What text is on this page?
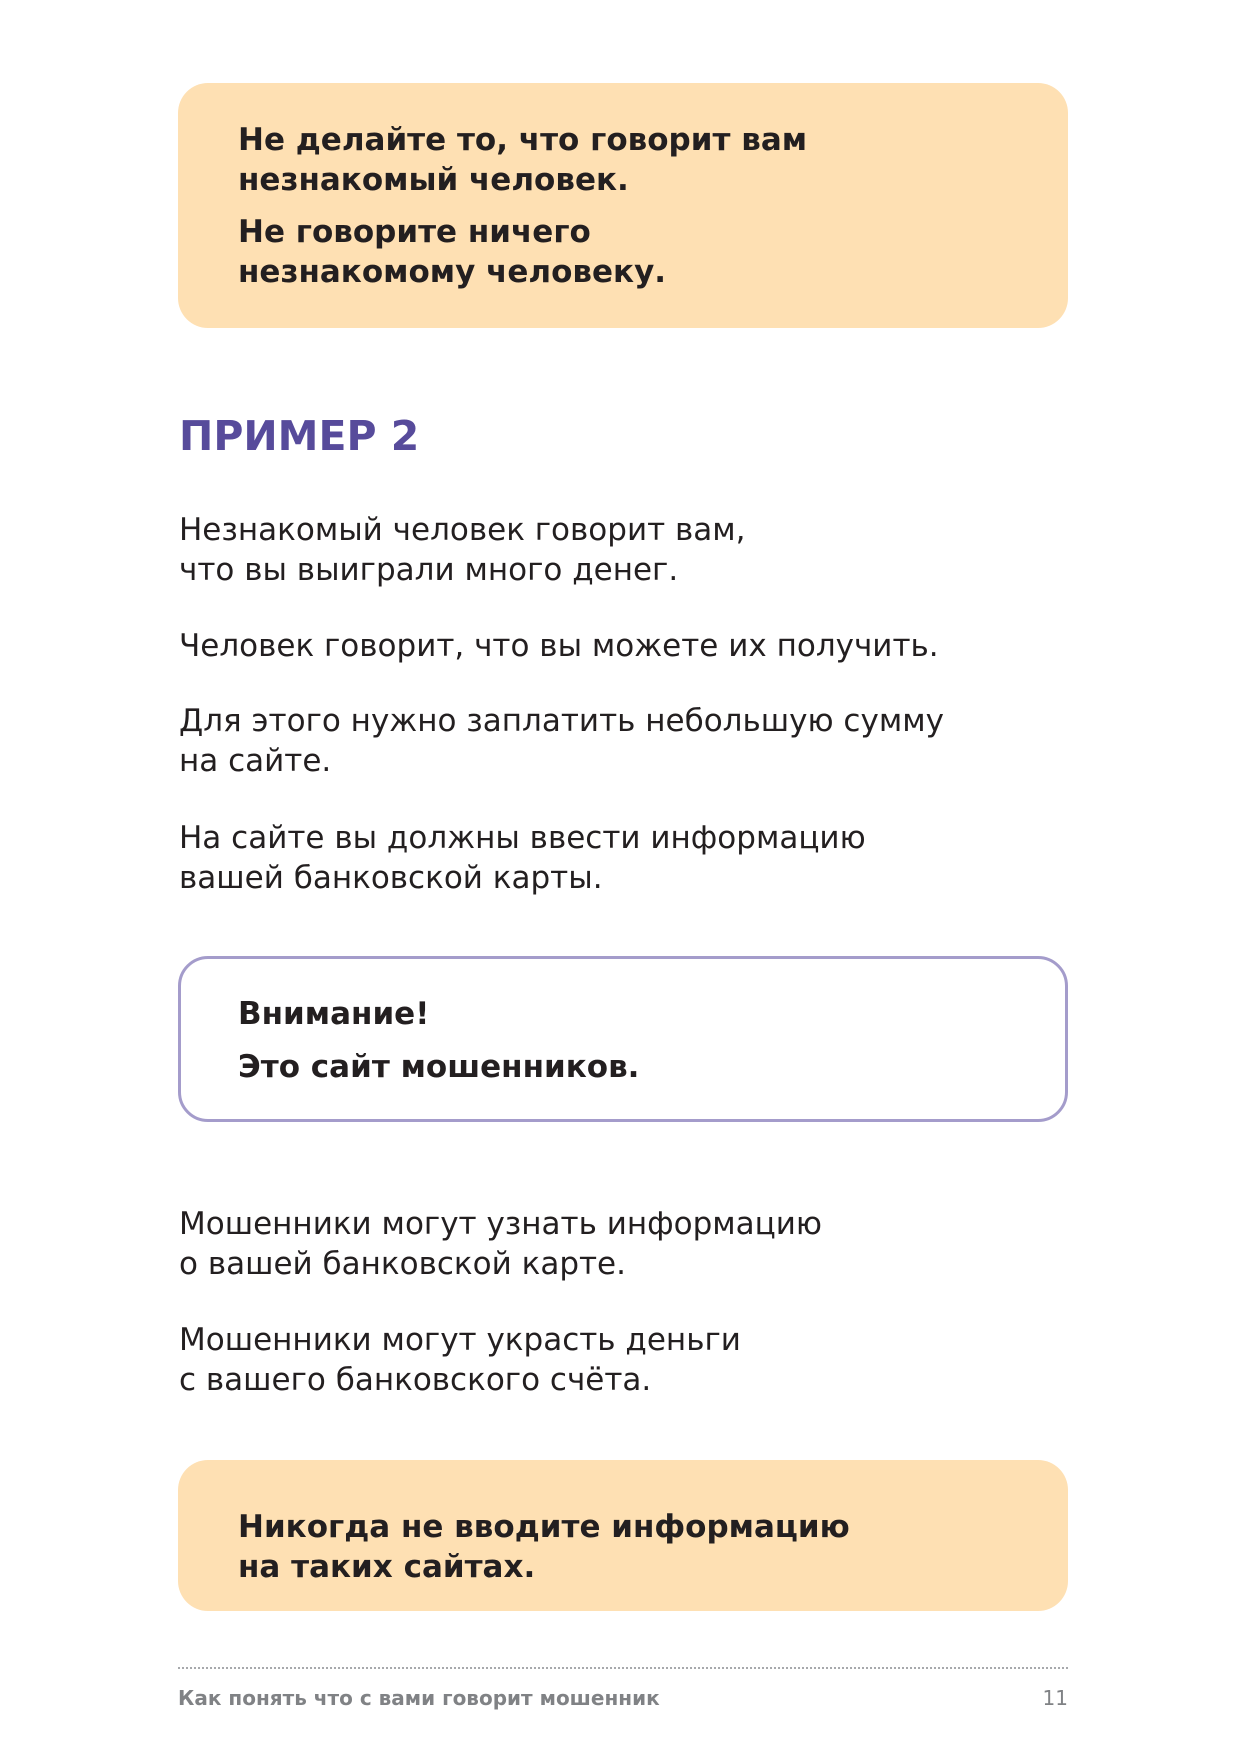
Не делайте то, что говорит вам
незнакомый человек.

Не говорите ничего
незнакомому человеку.

ПРИМЕР 2

Незнакомый человек говорит вам,
что вы выиграли много денег.

Человек говорит, что вы можете их получить.

Для этого нужно заплатить небольшую сумму
на сайте.

На сайте вы должны ввести информацию
вашей банковской карты.

Внимание!

Это сайт мошенников.

Мошенники могут узнать информацию
о вашей банковской карте.

Мошенники могут украсть деньги
с вашего банковского счёта.

Никогда не вводите информацию
на таких сайтах.

Как понять что с вами говорит мошенник	11
